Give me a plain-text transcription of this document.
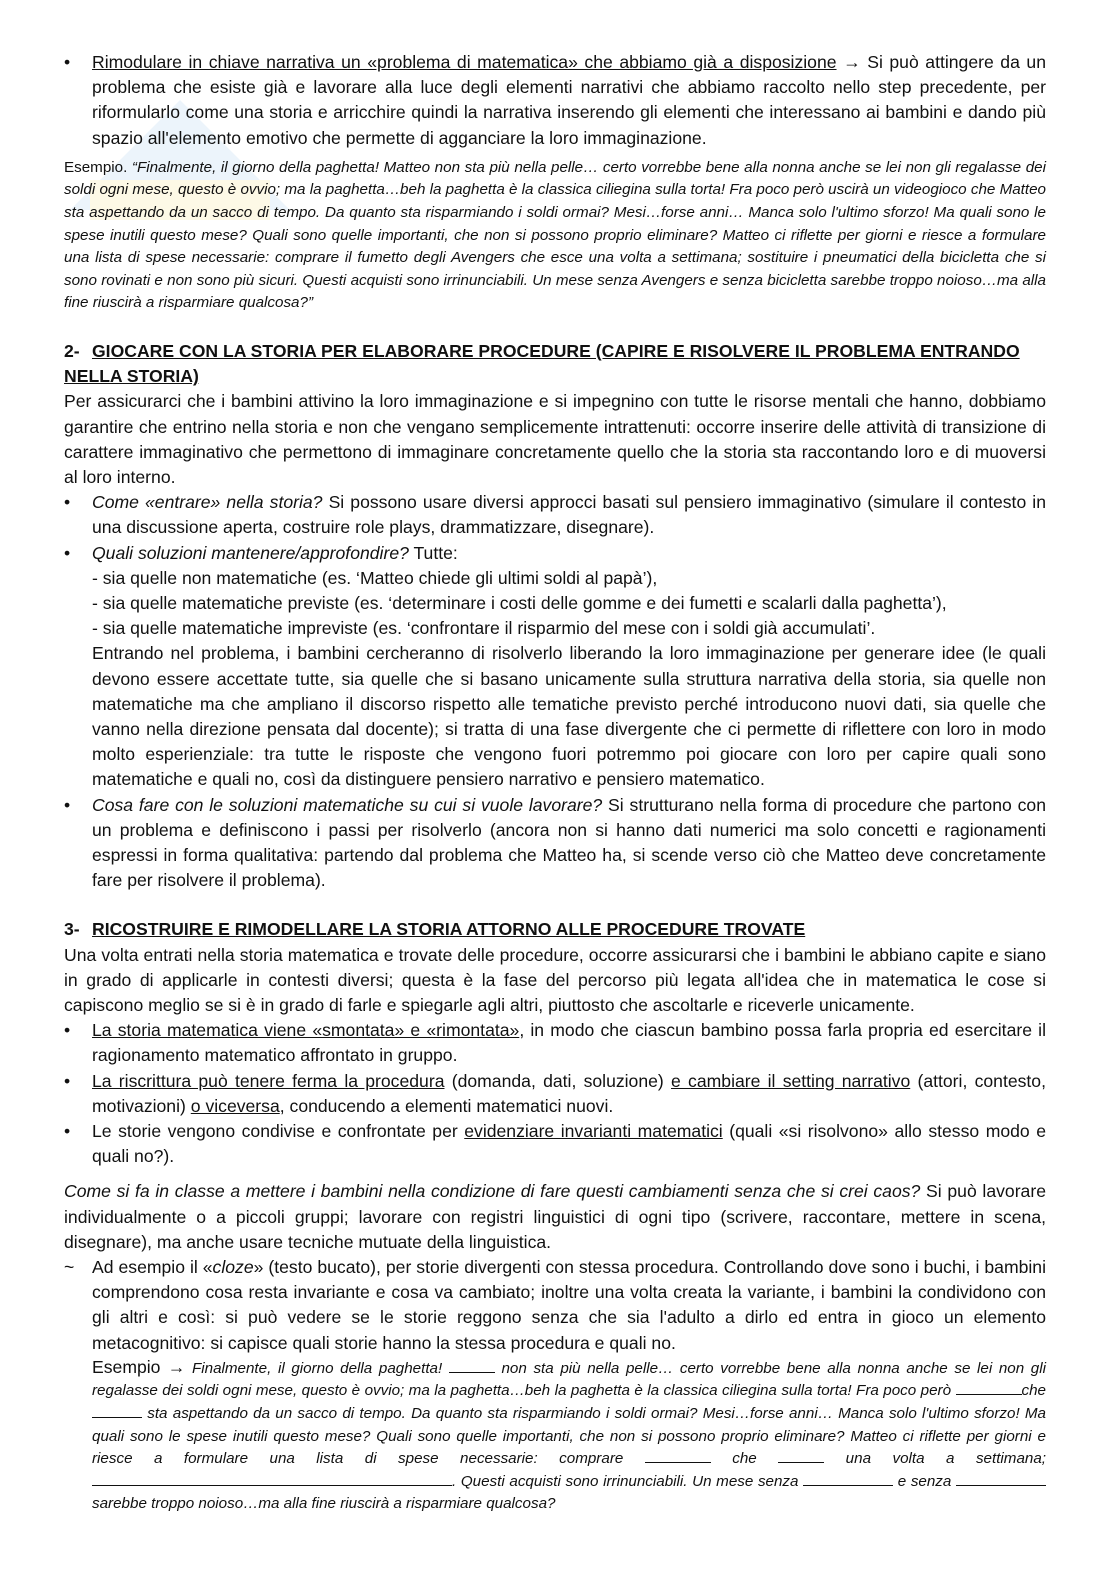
•	Rimodulare in chiave narrativa un «problema di matematica» che abbiamo già a disposizione → Si può attingere da un problema che esiste già e lavorare alla luce degli elementi narrativi che abbiamo raccolto nello step precedente, per riformularlo come una storia e arricchire quindi la narrativa inserendo gli elementi che interessano ai bambini e dando più spazio all'elemento emotivo che permette di agganciare la loro immaginazione.

Esempio. “Finalmente, il giorno della paghetta! Matteo non sta più nella pelle… certo vorrebbe bene alla nonna anche se lei non gli regalasse dei soldi ogni mese, questo è ovvio; ma la paghetta…beh la paghetta è la classica ciliegina sulla torta! Fra poco però uscirà un videogioco che Matteo sta aspettando da un sacco di tempo. Da quanto sta risparmiando i soldi ormai? Mesi…forse anni… Manca solo l'ultimo sforzo! Ma quali sono le spese inutili questo mese? Quali sono quelle importanti, che non si possono proprio eliminare? Matteo ci riflette per giorni e riesce a formulare una lista di spese necessarie: comprare il fumetto degli Avengers che esce una volta a settimana; sostituire i pneumatici della bicicletta che si sono rovinati e non sono più sicuri. Questi acquisti sono irrinunciabili. Un mese senza Avengers e senza bicicletta sarebbe troppo noioso…ma alla fine riuscirà a risparmiare qualcosa?”

2- GIOCARE CON LA STORIA PER ELABORARE PROCEDURE (CAPIRE E RISOLVERE IL PROBLEMA ENTRANDO NELLA STORIA)

Per assicurarci che i bambini attivino la loro immaginazione e si impegnino con tutte le risorse mentali che hanno, dobbiamo garantire che entrino nella storia e non che vengano semplicemente intrattenuti: occorre inserire delle attività di transizione di carattere immaginativo che permettono di immaginare concretamente quello che la storia sta raccontando loro e di muoversi al loro interno.

•	Come «entrare» nella storia? Si possono usare diversi approcci basati sul pensiero immaginativo (simulare il contesto in una discussione aperta, costruire role plays, drammatizzare, disegnare).
•	Quali soluzioni mantenere/approfondire? Tutte:
- sia quelle non matematiche (es. ‘Matteo chiede gli ultimi soldi al papà’),
- sia quelle matematiche previste (es. ‘determinare i costi delle gomme e dei fumetti e scalarli dalla paghetta’),
- sia quelle matematiche impreviste (es. ‘confrontare il risparmio del mese con i soldi già accumulati’.
Entrando nel problema, i bambini cercheranno di risolverlo liberando la loro immaginazione per generare idee (le quali devono essere accettate tutte, sia quelle che si basano unicamente sulla struttura narrativa della storia, sia quelle non matematiche ma che ampliano il discorso rispetto alle tematiche previsto perché introducono nuovi dati, sia quelle che vanno nella direzione pensata dal docente); si tratta di una fase divergente che ci permette di riflettere con loro in modo molto esperienziale: tra tutte le risposte che vengono fuori potremmo poi giocare con loro per capire quali sono matematiche e quali no, così da distinguere pensiero narrativo e pensiero matematico.
•	Cosa fare con le soluzioni matematiche su cui si vuole lavorare? Si strutturano nella forma di procedure che partono con un problema e definiscono i passi per risolverlo (ancora non si hanno dati numerici ma solo concetti e ragionamenti espressi in forma qualitativa: partendo dal problema che Matteo ha, si scende verso ciò che Matteo deve concretamente fare per risolvere il problema).

3- RICOSTRUIRE E RIMODELLARE LA STORIA ATTORNO ALLE PROCEDURE TROVATE

Una volta entrati nella storia matematica e trovate delle procedure, occorre assicurarsi che i bambini le abbiano capite e siano in grado di applicarle in contesti diversi; questa è la fase del percorso più legata all'idea che in matematica le cose si capiscono meglio se si è in grado di farle e spiegarle agli altri, piuttosto che ascoltarle e riceverle unicamente.

•	La storia matematica viene «smontata» e «rimontata», in modo che ciascun bambino possa farla propria ed esercitare il ragionamento matematico affrontato in gruppo.
•	La riscrittura può tenere ferma la procedura (domanda, dati, soluzione) e cambiare il setting narrativo (attori, contesto, motivazioni) o viceversa, conducendo a elementi matematici nuovi.
•	Le storie vengono condivise e confrontate per evidenziare invarianti matematici (quali «si risolvono» allo stesso modo e quali no?).

Come si fa in classe a mettere i bambini nella condizione di fare questi cambiamenti senza che si crei caos? Si può lavorare individualmente o a piccoli gruppi; lavorare con registri linguistici di ogni tipo (scrivere, raccontare, mettere in scena, disegnare), ma anche usare tecniche mutuate della linguistica.

~	Ad esempio il «cloze» (testo bucato), per storie divergenti con stessa procedura. Controllando dove sono i buchi, i bambini comprendono cosa resta invariante e cosa va cambiato; inoltre una volta creata la variante, i bambini la condividono con gli altri e così: si può vedere se le storie reggono senza che sia l'adulto a dirlo ed entra in gioco un elemento metacognitivo: si capisce quali storie hanno la stessa procedura e quali no.
Esempio → Finalmente, il giorno della paghetta!	non sta più nella pelle… certo vorrebbe bene alla nonna anche se lei non gli regalasse dei soldi ogni mese, questo è ovvio; ma la paghetta…beh la paghetta è la classica ciliegina sulla torta! Fra poco però	che sta aspettando da un sacco di tempo. Da quanto sta risparmiando i soldi ormai? Mesi…forse anni… Manca solo l'ultimo sforzo! Ma quali sono le spese inutili questo mese? Quali sono quelle importanti, che non si possono proprio eliminare? Matteo ci riflette per giorni e riesce a formulare una lista di spese necessarie: comprare	che	una volta a settimana; . Questi acquisti sono irrinunciabili. Un mese senza	e senza  sarebbe troppo noioso…ma alla fine riuscirà a risparmiare qualcosa?
